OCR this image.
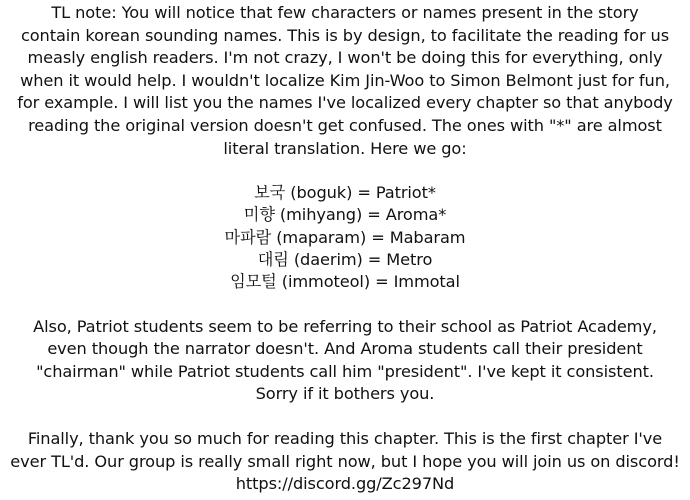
TL note: You will notice that few characters or names present in the story
contain korean sounding names. This is by design, to facilitate the reading for us
measly english readers. I'm not crazy, I won't be doing this for everything, only
when it would help. I wouldn't localize Kim Jin-Woo to Simon Belmont just for fun,
for example. I will list you the names I've localized every chapter so that anybody
reading the original version doesn't get confused. The ones with "*" are almost
literal translation. Here we go:

보국 (boguk) = Patriot*
미향 (mihyang) = Aroma*
마파람 (maparam) = Mabaram
대림 (daerim) = Metro
임모털 (immoteol) = Immotal

Also, Patriot students seem to be referring to their school as Patriot Academy,
even though the narrator doesn't. And Aroma students call their president
"chairman" while Patriot students call him "president". I've kept it consistent.
Sorry if it bothers you.

Finally, thank you so much for reading this chapter. This is the first chapter I've
ever TL'd. Our group is really small right now, but I hope you will join us on discord!
https://discord.gg/Zc297Nd
